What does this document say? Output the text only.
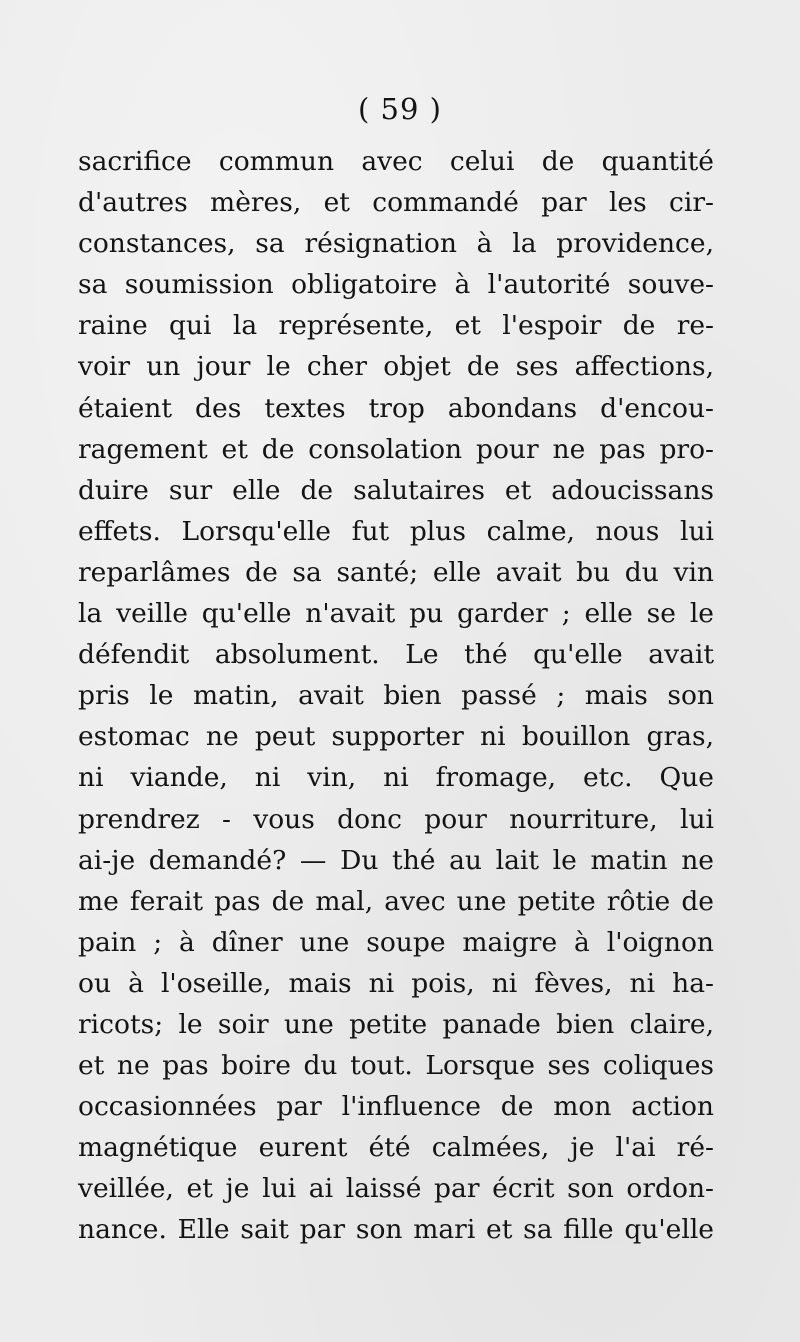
( 59 )
sacrifice commun avec celui de quantité
d'autres mères, et commandé par les cir-
constances, sa résignation à la providence,
sa soumission obligatoire à l'autorité souve-
raine qui la représente, et l'espoir de re-
voir un jour le cher objet de ses affections,
étaient des textes trop abondans d'encou-
ragement et de consolation pour ne pas pro-
duire sur elle de salutaires et adoucissans
effets. Lorsqu'elle fut plus calme, nous lui
reparlâmes de sa santé; elle avait bu du vin
la veille qu'elle n'avait pu garder ; elle se le
défendit absolument. Le thé qu'elle avait
pris le matin, avait bien passé ; mais son
estomac ne peut supporter ni bouillon gras,
ni viande, ni vin, ni fromage, etc. Que
prendrez - vous donc pour nourriture, lui
ai-je demandé? — Du thé au lait le matin ne
me ferait pas de mal, avec une petite rôtie de
pain ; à dîner une soupe maigre à l'oignon
ou à l'oseille, mais ni pois, ni fèves, ni ha-
ricots; le soir une petite panade bien claire,
et ne pas boire du tout. Lorsque ses coliques
occasionnées par l'influence de mon action
magnétique eurent été calmées, je l'ai ré-
veillée, et je lui ai laissé par écrit son ordon-
nance. Elle sait par son mari et sa fille qu'elle
